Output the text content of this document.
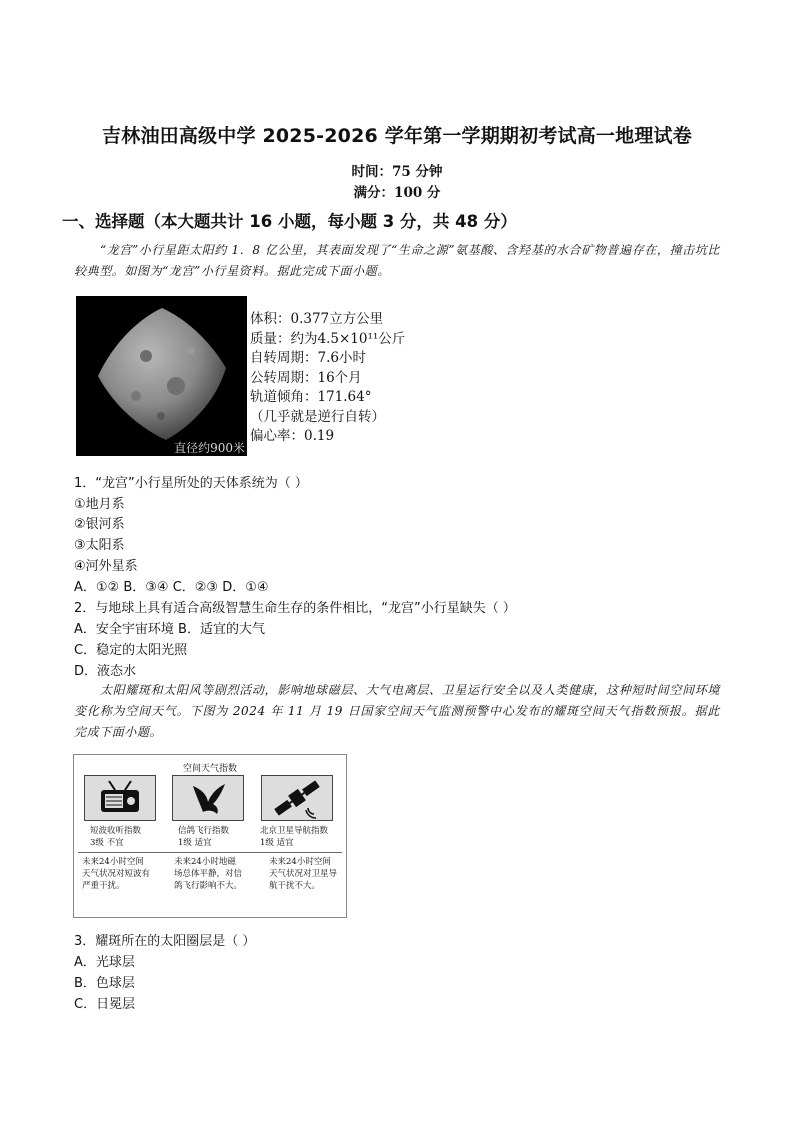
吉林油田高级中学 2025-2026 学年第一学期期初考试高一地理试卷
时间：75 分钟
满分：100 分
一、选择题（本大题共计 16 小题，每小题 3 分，共 48 分）
“龙宫”小行星距太阳约 1．8 亿公里，其表面发现了“生命之源”氨基酸、含羟基的水合矿物普遍存在，撞击坑比较典型。如图为“龙宫”小行星资料。据此完成下面小题。
直径约900米
体积：0.377立方公里
质量：约为4.5×10¹¹公斤
自转周期：7.6小时
公转周期：16个月
轨道倾角：171.64°
（几乎就是逆行自转）
偏心率：0.19
1．“龙宫”小行星所处的天体系统为（ ）
①地月系
②银河系
③太阳系
④河外星系
A．①② B．③④ C．②③ D．①④
2．与地球上具有适合高级智慧生命生存的条件相比，“龙宫”小行星缺失（ ）
A．安全宇宙环境 B．适宜的大气
C．稳定的太阳光照
D．液态水
太阳耀斑和太阳风等剧烈活动，影响地球磁层、大气电离层、卫星运行安全以及人类健康，这种短时间空间环境变化称为空间天气。下图为 2024 年 11 月 19 日国家空间天气监测预警中心发布的耀斑空间天气指数预报。据此完成下面小题。
空间天气指数
短波收听指数
3级 不宜
信鸽飞行指数
1级 适宜
北京卫星导航指数
1级 适宜
未来24小时空间天气状况对短波有严重干扰。
未来24小时地磁场总体平静，对信鸽飞行影响不大。
未来24小时空间天气状况对卫星导航干扰不大。
3．耀斑所在的太阳圈层是（ ）
A．光球层
B．色球层
C．日冕层
